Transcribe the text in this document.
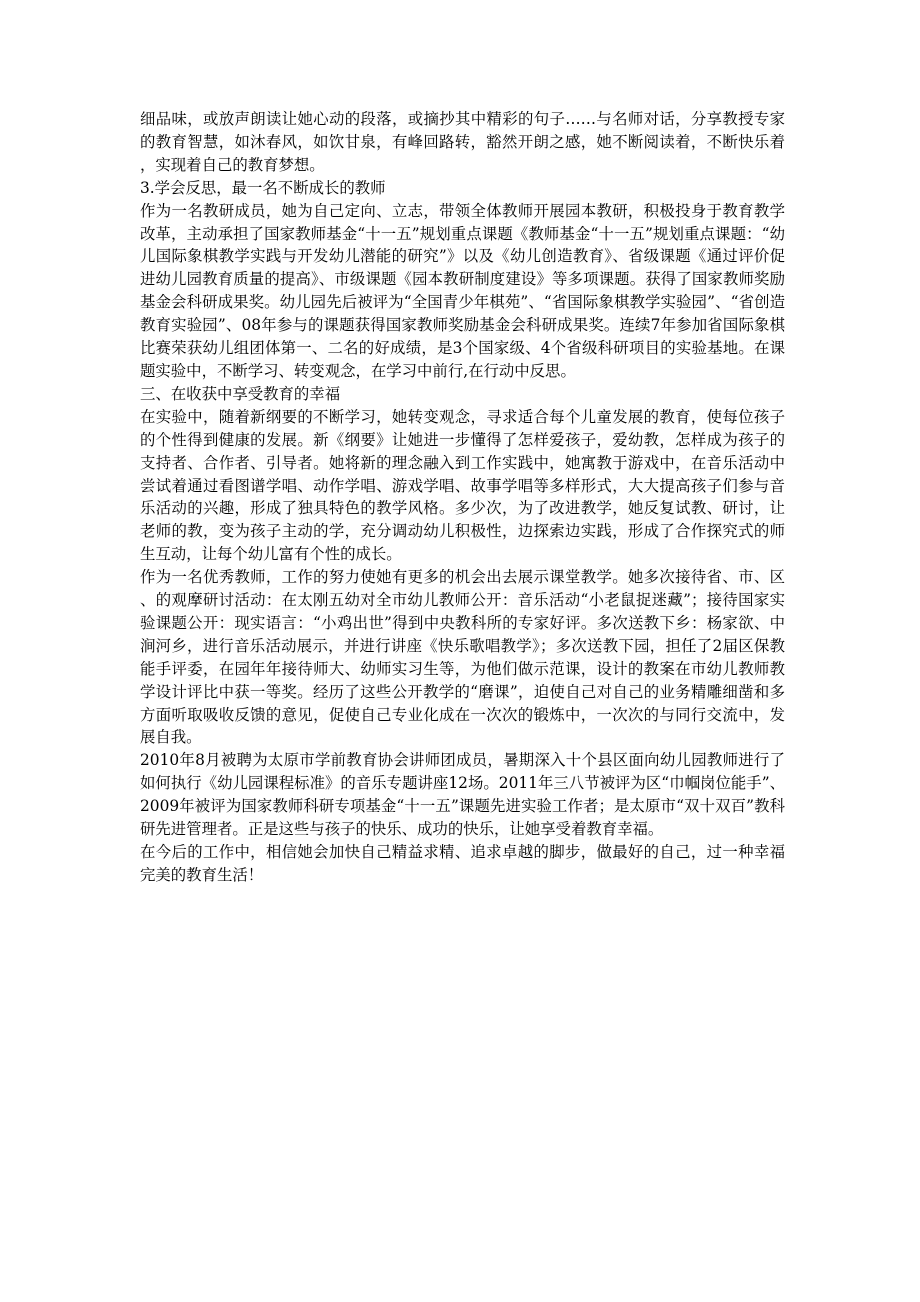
细品味，或放声朗读让她心动的段落，或摘抄其中精彩的句子……与名师对话，分享教授专家的教育智慧，如沐春风，如饮甘泉，有峰回路转，豁然开朗之感，她不断阅读着，不断快乐着，实现着自己的教育梦想。

3.学会反思，最一名不断成长的教师

作为一名教研成员，她为自己定向、立志，带领全体教师开展园本教研，积极投身于教育教学改革，主动承担了国家教师基金“十一五”规划重点课题《教师基金“十一五”规划重点课题：“幼儿国际象棋教学实践与开发幼儿潜能的研究”》以及《幼儿创造教育》、省级课题《通过评价促进幼儿园教育质量的提高》、市级课题《园本教研制度建设》等多项课题。获得了国家教师奖励基金会科研成果奖。幼儿园先后被评为“全国青少年棋苑”、“省国际象棋教学实验园”、“省创造教育实验园”、08年参与的课题获得国家教师奖励基金会科研成果奖。连续7年参加省国际象棋比赛荣获幼儿组团体第一、二名的好成绩，是3个国家级、4个省级科研项目的实验基地。在课题实验中，不断学习、转变观念，在学习中前行,在行动中反思。

三、在收获中享受教育的幸福

在实验中，随着新纲要的不断学习，她转变观念，寻求适合每个儿童发展的教育，使每位孩子的个性得到健康的发展。新《纲要》让她进一步懂得了怎样爱孩子，爱幼教，怎样成为孩子的支持者、合作者、引导者。她将新的理念融入到工作实践中，她寓教于游戏中，在音乐活动中尝试着通过看图谱学唱、动作学唱、游戏学唱、故事学唱等多样形式，大大提高孩子们参与音乐活动的兴趣，形成了独具特色的教学风格。多少次，为了改进教学，她反复试教、研讨，让老师的教，变为孩子主动的学，充分调动幼儿积极性，边探索边实践，形成了合作探究式的师生互动，让每个幼儿富有个性的成长。

作为一名优秀教师，工作的努力使她有更多的机会出去展示课堂教学。她多次接待省、市、区、的观摩研讨活动：在太刚五幼对全市幼儿教师公开：音乐活动“小老鼠捉迷藏”；接待国家实验课题公开：现实语言：“小鸡出世”得到中央教科所的专家好评。多次送教下乡：杨家欲、中涧河乡，进行音乐活动展示，并进行讲座《快乐歌唱教学》；多次送教下园，担任了2届区保教能手评委，在园年年接待师大、幼师实习生等，为他们做示范课，设计的教案在市幼儿教师教学设计评比中获一等奖。经历了这些公开教学的“磨课”，迫使自己对自己的业务精雕细凿和多方面听取吸收反馈的意见，促使自己专业化成在一次次的锻炼中，一次次的与同行交流中，发展自我。

2010年8月被聘为太原市学前教育协会讲师团成员，暑期深入十个县区面向幼儿园教师进行了如何执行《幼儿园课程标准》的音乐专题讲座12场。2011年三八节被评为区“巾帼岗位能手”、2009年被评为国家教师科研专项基金“十一五”课题先进实验工作者；是太原市“双十双百”教科研先进管理者。正是这些与孩子的快乐、成功的快乐，让她享受着教育幸福。

在今后的工作中，相信她会加快自己精益求精、追求卓越的脚步，做最好的自己，过一种幸福完美的教育生活！
